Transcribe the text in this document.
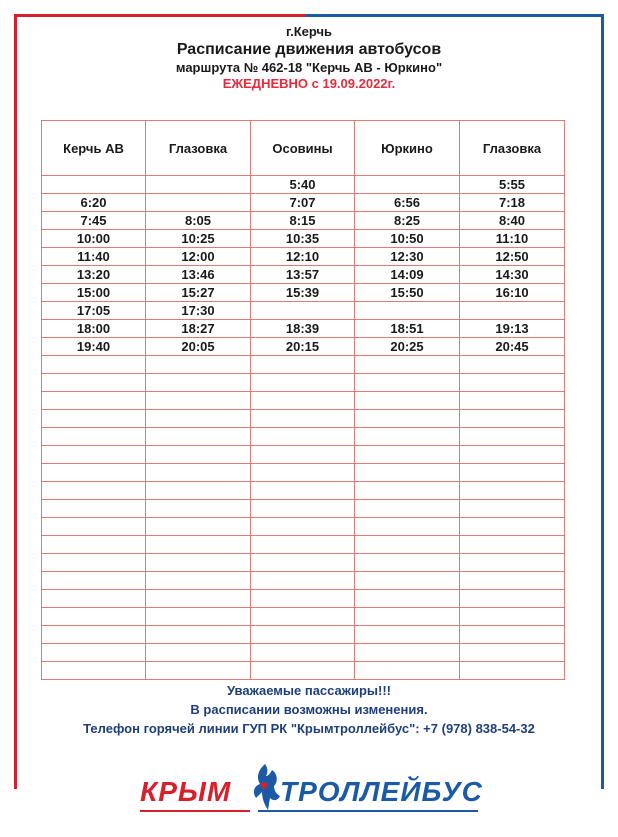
г.Керчь
Расписание движения автобусов
маршрута № 462-18 "Керчь АВ - Юркино"
ЕЖЕДНЕВНО с 19.09.2022г.
Керчь АВ	Глазовка	Осовины	Юркино	Глазовка
		5:40		5:55
6:20		7:07	6:56	7:18
7:45	8:05	8:15	8:25	8:40
10:00	10:25	10:35	10:50	11:10
11:40	12:00	12:10	12:30	12:50
13:20	13:46	13:57	14:09	14:30
15:00	15:27	15:39	15:50	16:10
17:05	17:30			
18:00	18:27	18:39	18:51	19:13
19:40	20:05	20:15	20:25	20:45

Уважаемые пассажиры!!!
В расписании возможны изменения.
Телефон горячей линии ГУП РК "Крымтроллейбус": +7 (978) 838-54-32
КРЫМ ТРОЛЛЕЙБУС
